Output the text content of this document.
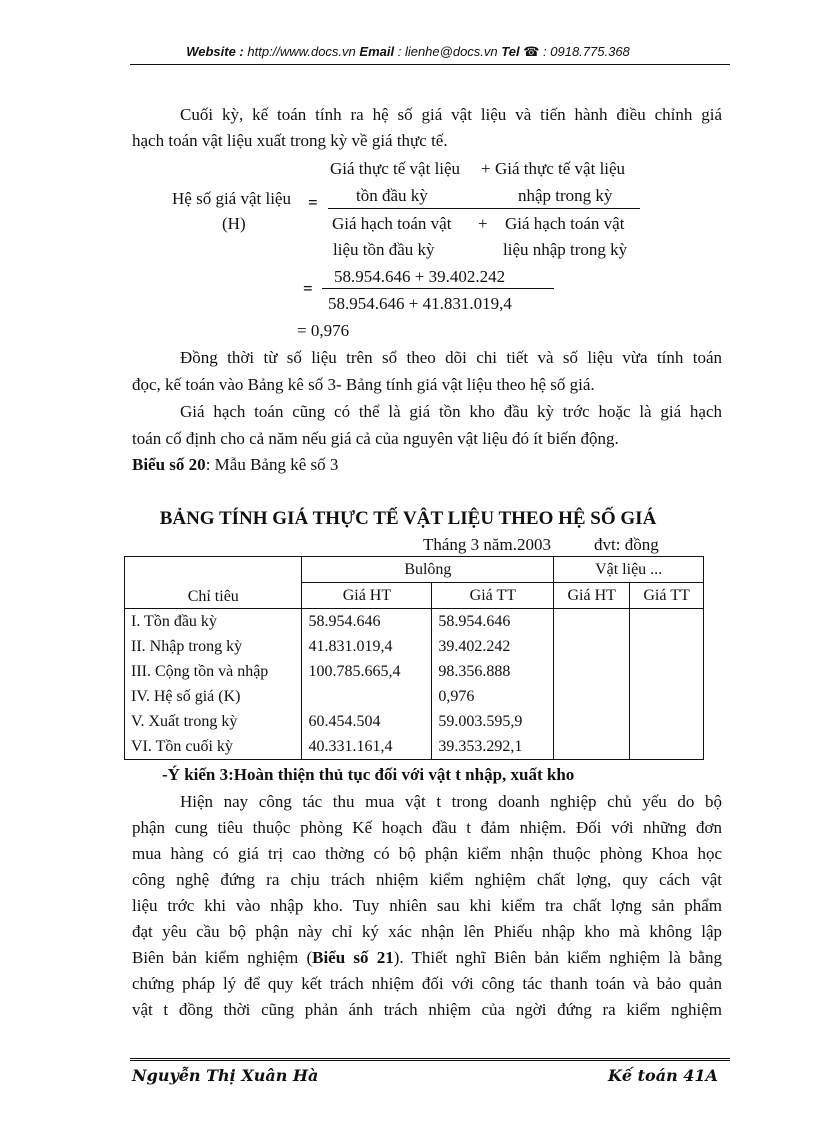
Website : http://www.docs.vn Email : lienhe@docs.vn Tel ☎ : 0918.775.368
Cuối kỳ, kế toán tính ra hệ số giá vật liệu và tiến hành điều chỉnh giá
hạch toán vật liệu xuất trong kỳ về giá thực tế.
Giá thực tế vật liệu + Giá thực tế vật liệu
tồn đầu kỳ	nhập trong kỳ
Hệ số giá vật liệu =
Giá hạch toán vật + Giá hạch toán vật
(H)
liệu tồn đầu kỳ	liệu nhập trong kỳ
58.954.646 + 39.402.242
=
58.954.646 + 41.831.019,4
= 0,976
Đồng thời từ số liệu trên sổ theo dõi chi tiết và số liệu vừa tính toán
đọc, kế toán vào Bảng kê số 3- Bảng tính giá vật liệu theo hệ số giá.
Giá hạch toán cũng có thể là giá tồn kho đầu kỳ trớc hoặc là giá hạch
toán cố định cho cả năm nếu giá cả của nguyên vật liệu đó ít biến động.
Biểu số 20: Mẫu Bảng kê số 3
BẢNG TÍNH GIÁ THỰC TẾ VẬT LIỆU THEO HỆ SỐ GIÁ
Tháng 3 năm.2003	đvt: đồng
Chỉ tiêu	Bulông		Vật liệu ...	
	Giá HT	Giá TT	Giá HT	Giá TT
I. Tồn đầu kỳ	58.954.646	58.954.646		
II. Nhập trong kỳ	41.831.019,4	39.402.242		
III. Cộng tồn và nhập	100.785.665,4	98.356.888		
IV. Hệ số giá (K)		0,976		
V. Xuất trong kỳ	60.454.504	59.003.595,9		
VI. Tồn cuối kỳ	40.331.161,4	39.353.292,1		
-Ý kiến 3:Hoàn thiện thủ tục đối với vật t nhập, xuất kho
Hiện nay công tác thu mua vật t trong doanh nghiệp chủ yếu do bộ
phận cung tiêu thuộc phòng Kế hoạch đầu t đảm nhiệm. Đối với những đơn
mua hàng có giá trị cao thờng có bộ phận kiểm nhận thuộc phòng Khoa học
công nghệ đứng ra chịu trách nhiệm kiểm nghiệm chất lợng, quy cách vật
liệu trớc khi vào nhập kho. Tuy nhiên sau khi kiểm tra chất lợng sản phẩm
đạt yêu cầu bộ phận này chỉ ký xác nhận lên Phiếu nhập kho mà không lập
Biên bản kiểm nghiệm (Biểu số 21). Thiết nghĩ Biên bản kiểm nghiệm là bằng
chứng pháp lý để quy kết trách nhiệm đối với công tác thanh toán và bảo quản
vật t đồng thời cũng phản ánh trách nhiệm của ngời đứng ra kiểm nghiệm
Nguyễn Thị Xuân Hà	Kế toán 41A
